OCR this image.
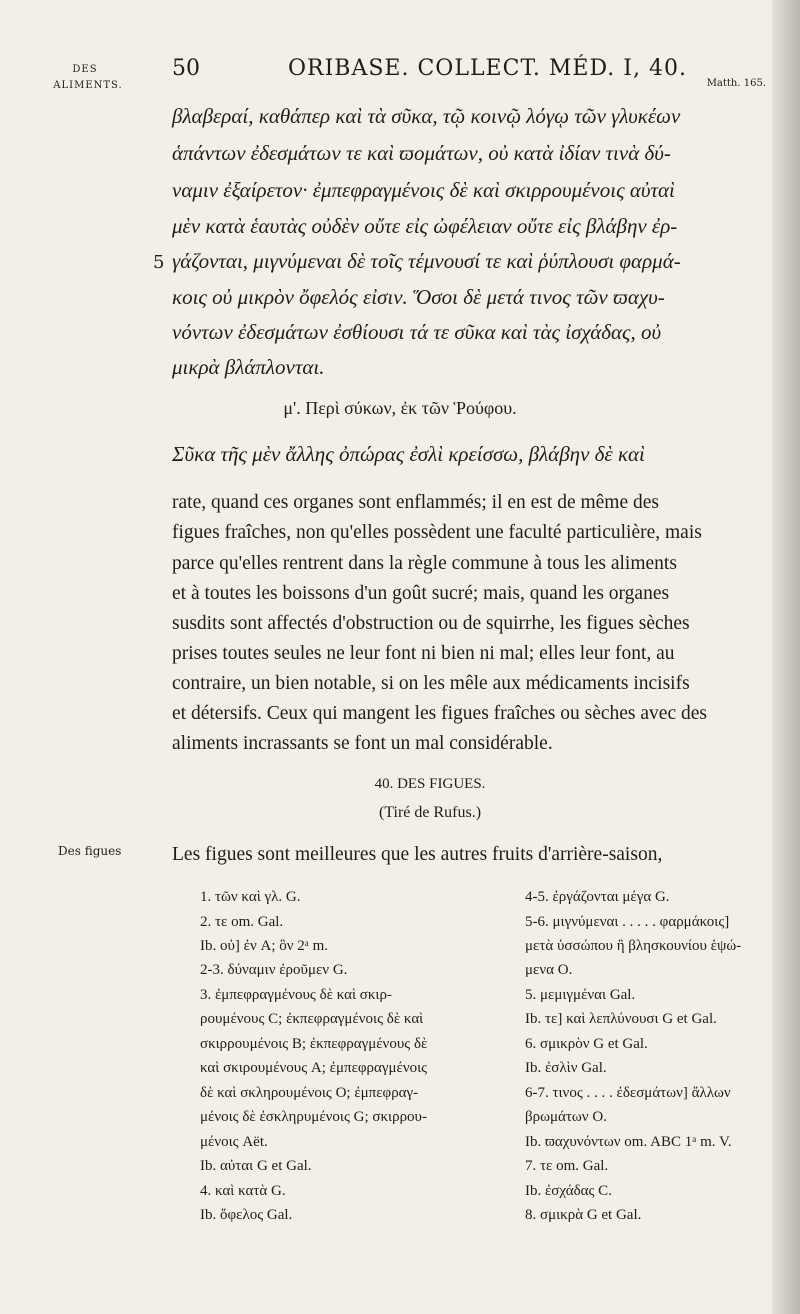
DES
ALIMENTS.
Des figues
50	ORIBASE. COLLECT. MÉD. I, 40.
Matth. 165.
βλαβεραί, καθάπερ καὶ τὰ σῦκα, τῷ κοινῷ λόγῳ τῶν γλυκέων
ἁπάντων ἐδεσμάτων τε καὶ ϖομάτων, οὐ κατὰ ἰδίαν τινὰ δύ-
ναμιν ἐξαίρετον· ἐμπεφραγμένοις δὲ καὶ σκιρρουμένοις αὐταὶ
μὲν κατὰ ἑαυτὰς οὐδὲν οὔτε εἰς ὠφέλειαν οὔτε εἰς βλάβην ἐρ-
5 γάζονται, μιγνύμεναι δὲ τοῖς τέμνουσί τε καὶ ῥύπλουσι φαρμά-
κοις οὐ μικρὸν ὄφελός εἰσιν. Ὅσοι δὲ μετά τινος τῶν ϖαχυ-
νόντων ἐδεσμάτων ἐσθίουσι τά τε σῦκα καὶ τὰς ἰσχάδας, οὐ
μικρὰ βλάπλονται.
μ'. Περὶ σύκων, ἐκ τῶν Ῥούφου.
Σῦκα τῆς μὲν ἄλλης ὀπώρας ἐσλὶ κρείσσω, βλάβην δὲ καὶ
rate, quand ces organes sont enflammés; il en est de même des
figues fraîches, non qu'elles possèdent une faculté particulière, mais
parce qu'elles rentrent dans la règle commune à tous les aliments
et à toutes les boissons d'un goût sucré; mais, quand les organes
susdits sont affectés d'obstruction ou de squirrhe, les figues sèches
prises toutes seules ne leur font ni bien ni mal; elles leur font, au
contraire, un bien notable, si on les mêle aux médicaments incisifs
et détersifs. Ceux qui mangent les figues fraîches ou sèches avec des
aliments incrassants se font un mal considérable.
40. DES FIGUES.
(Tiré de Rufus.)
Les figues sont meilleures que les autres fruits d'arrière-saison,
1. τῶν καὶ γλ. G.
2. τε om. Gal.
Ib. οὐ] ἐν A; ὃν 2ᵃ m.
2-3. δύναμιν ἐροῦμεν G.
3. ἐμπεφραγμένους δὲ καὶ σκιρ-
ρουμένους C; ἐκπεφραγμένοις δὲ καὶ
σκιρρουμένοις B; ἐκπεφραγμένους δὲ
καὶ σκιρουμένους A; ἐμπεφραγμένοις
δὲ καὶ σκληρουμένοις O; ἐμπεφραγ-
μένοις δὲ ἐσκληρυμένοις G; σκιρρου-
μένοις Aët.
Ib. αὐται G et Gal.
4. καὶ κατὰ G.
Ib. ὄφελος Gal.
4-5. ἐργάζονται μέγα G.
5-6. μιγνύμεναι . . . . . φαρμάκοις]
μετὰ ὑσσώπου ἢ βλησκουνίου ἑψώ-
μενα O.
5. μεμιγμέναι Gal.
Ib. τε] καὶ λεπλύνουσι G et Gal.
6. σμικρὸν G et Gal.
Ib. ἐσλὶν Gal.
6-7. τινος . . . . ἐδεσμάτων] ἄλλων
βρωμάτων O.
Ib. ϖαχυνόντων om. ABC 1ᵃ m. V.
7. τε om. Gal.
Ib. ἐσχάδας C.
8. σμικρὰ G et Gal.
